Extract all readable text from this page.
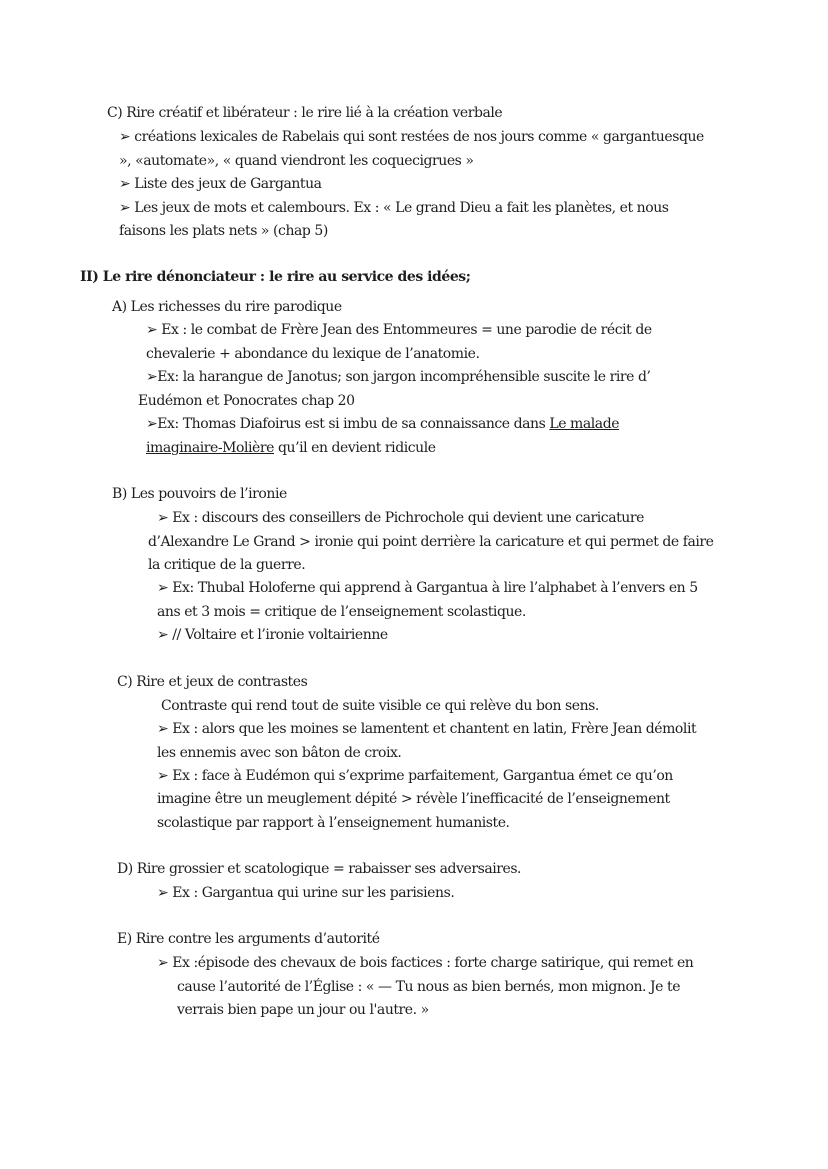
C) Rire créatif et libérateur : le rire lié à la création verbale
➢ créations lexicales de Rabelais qui sont restées de nos jours comme « gargantuesque
», «automate», « quand viendront les coquecigrues »
➢ Liste des jeux de Gargantua
➢ Les jeux de mots et calembours. Ex : « Le grand Dieu a fait les planètes, et nous
faisons les plats nets » (chap 5)
II) Le rire dénonciateur : le rire au service des idées;
A) Les richesses du rire parodique
➢ Ex : le combat de Frère Jean des Entommeures = une parodie de récit de
chevalerie + abondance du lexique de l’anatomie.
➢Ex: la harangue de Janotus; son jargon incompréhensible suscite le rire d’
Eudémon et Ponocrates chap 20
➢Ex: Thomas Diafoirus est si imbu de sa connaissance dans Le malade
imaginaire-Molière qu’il en devient ridicule
B) Les pouvoirs de l’ironie
➢ Ex : discours des conseillers de Pichrochole qui devient une caricature
d’Alexandre Le Grand > ironie qui point derrière la caricature et qui permet de faire
la critique de la guerre.
➢ Ex: Thubal Holoferne qui apprend à Gargantua à lire l’alphabet à l’envers en 5
ans et 3 mois = critique de l’enseignement scolastique.
➢ // Voltaire et l’ironie voltairienne
C) Rire et jeux de contrastes
Contraste qui rend tout de suite visible ce qui relève du bon sens.
➢ Ex : alors que les moines se lamentent et chantent en latin, Frère Jean démolit
les ennemis avec son bâton de croix.
➢ Ex : face à Eudémon qui s’exprime parfaitement, Gargantua émet ce qu’on
imagine être un meuglement dépité > révèle l’inefficacité de l’enseignement
scolastique par rapport à l’enseignement humaniste.
D) Rire grossier et scatologique = rabaisser ses adversaires.
➢ Ex : Gargantua qui urine sur les parisiens.
E) Rire contre les arguments d’autorité
➢ Ex :épisode des chevaux de bois factices : forte charge satirique, qui remet en
cause l’autorité de l’Église : « — Tu nous as bien bernés, mon mignon. Je te
verrais bien pape un jour ou l'autre. »
